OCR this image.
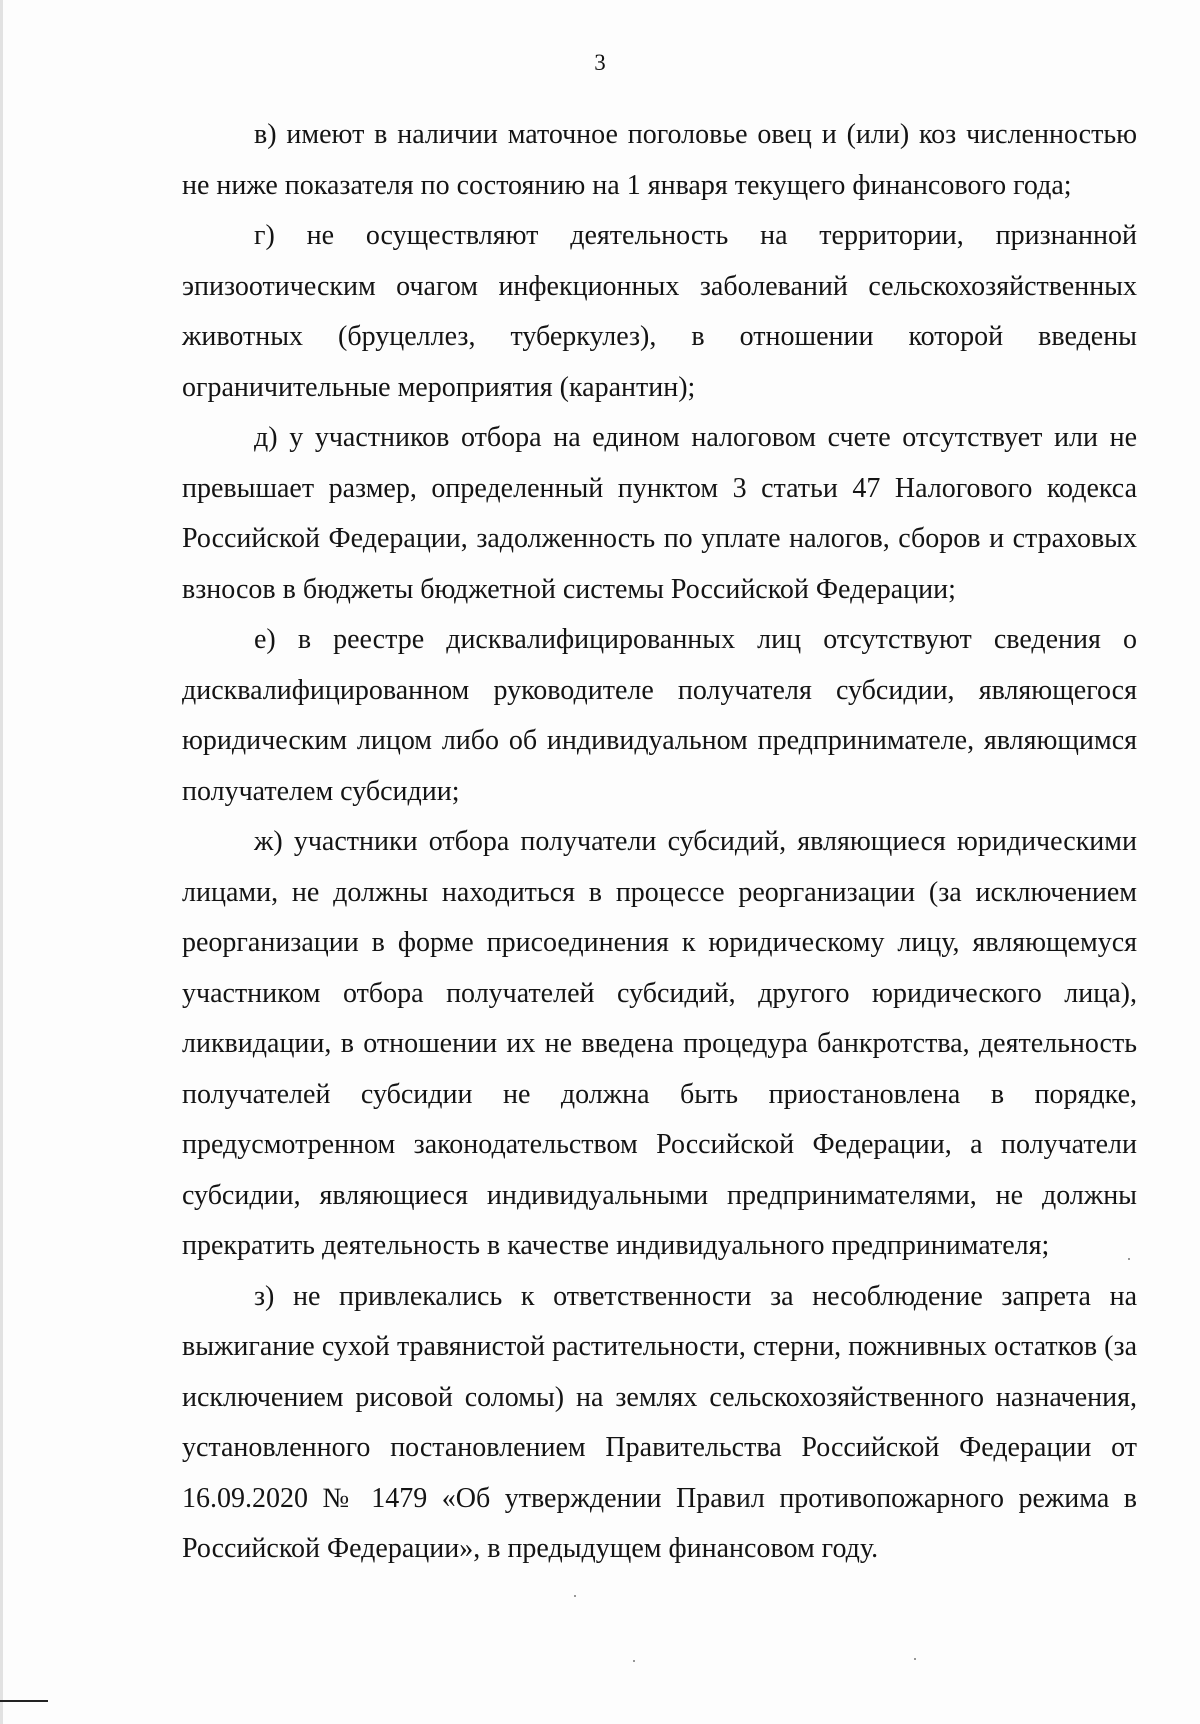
3

в) имеют в наличии маточное поголовье овец и (или) коз численностью не ниже показателя по состоянию на 1 января текущего финансового года;

г) не осуществляют деятельность на территории, признанной эпизоотическим очагом инфекционных заболеваний сельскохозяйственных животных (бруцеллез, туберкулез), в отношении которой введены ограничительные мероприятия (карантин);

д) у участников отбора на едином налоговом счете отсутствует или не превышает размер, определенный пунктом 3 статьи 47 Налогового кодекса Российской Федерации, задолженность по уплате налогов, сборов и страховых взносов в бюджеты бюджетной системы Российской Федерации;

е) в реестре дисквалифицированных лиц отсутствуют сведения о дисквалифицированном руководителе получателя субсидии, являющегося юридическим лицом либо об индивидуальном предпринимателе, являющимся получателем субсидии;

ж) участники отбора получатели субсидий, являющиеся юридическими лицами, не должны находиться в процессе реорганизации (за исключением реорганизации в форме присоединения к юридическому лицу, являющемуся участником отбора получателей субсидий, другого юридического лица), ликвидации, в отношении их не введена процедура банкротства, деятельность получателей субсидии не должна быть приостановлена в порядке, предусмотренном законодательством Российской Федерации, а получатели субсидии, являющиеся индивидуальными предпринимателями, не должны прекратить деятельность в качестве индивидуального предпринимателя;

з) не привлекались к ответственности за несоблюдение запрета на выжигание сухой травянистой растительности, стерни, пожнивных остатков (за исключением рисовой соломы) на землях сельскохозяйственного назначения, установленного постановлением Правительства Российской Федерации от 16.09.2020 № 1479 «Об утверждении Правил противопожарного режима в Российской Федерации», в предыдущем финансовом году.
